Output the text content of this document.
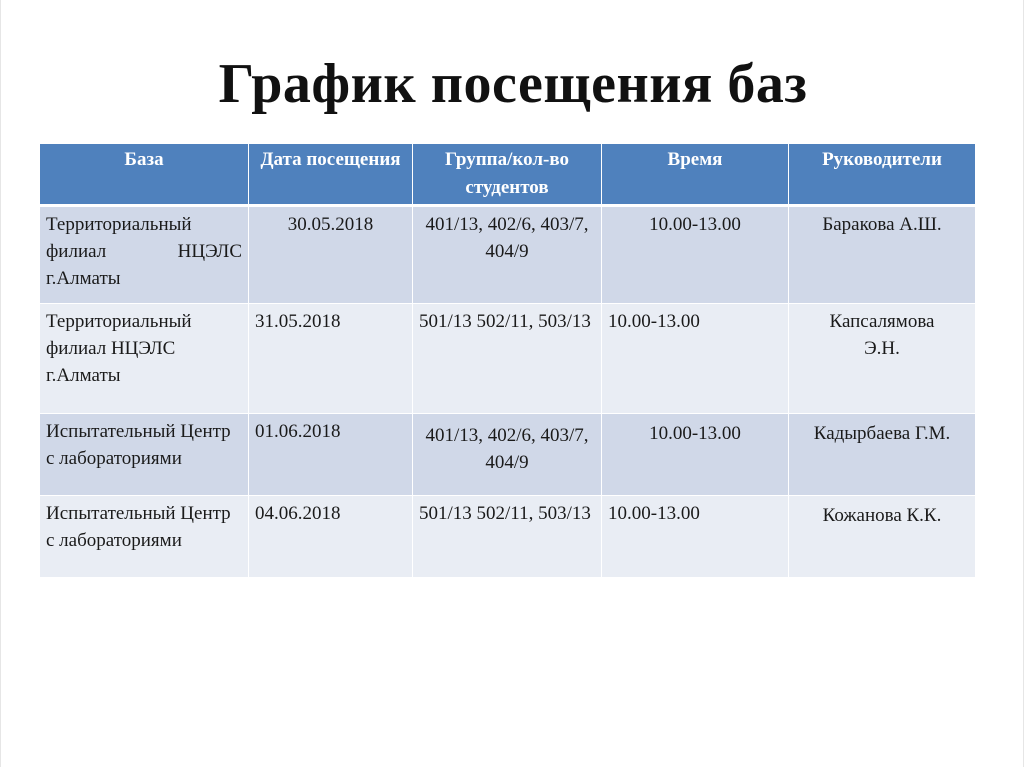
График посещения баз
База	Дата посещения	Группа/кол-во студентов	Время	Руководители
Территориальный филиал НЦЭЛС г.Алматы	30.05.2018	401/13, 402/6, 403/7, 404/9	10.00-13.00	Баракова А.Ш.
Территориальный филиал НЦЭЛС г.Алматы	31.05.2018	501/13 502/11, 503/13	10.00-13.00	Капсалямова Э.Н.
Испытательный Центр с лабораториями	01.06.2018	401/13, 402/6, 403/7, 404/9	10.00-13.00	Кадырбаева Г.М.
Испытательный Центр с лабораториями	04.06.2018	501/13 502/11, 503/13	10.00-13.00	Кожанова К.К.
